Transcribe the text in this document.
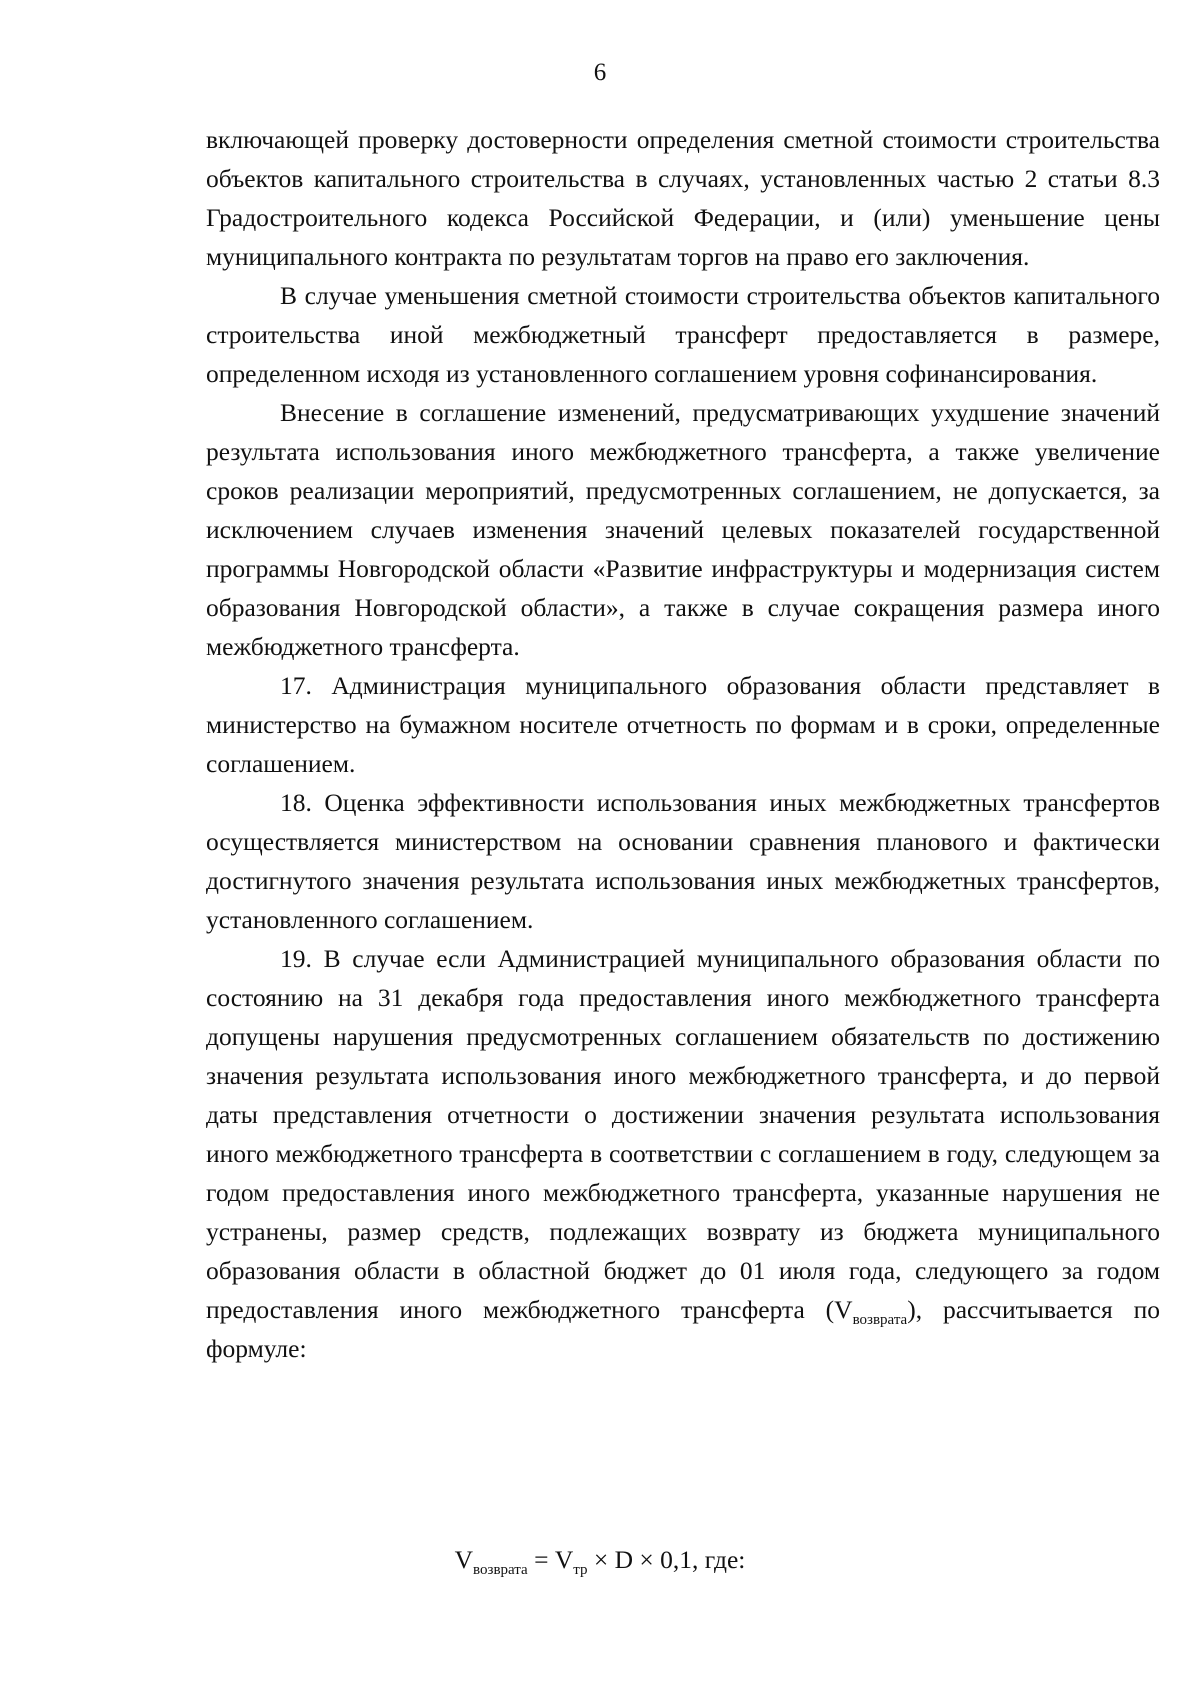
6

включающей проверку достоверности определения сметной стоимости строительства объектов капитального строительства в случаях, установленных частью 2 статьи 8.3 Градостроительного кодекса Российской Федерации, и (или) уменьшение цены муниципального контракта по результатам торгов на право его заключения.

В случае уменьшения сметной стоимости строительства объектов капитального строительства иной межбюджетный трансферт предоставляется в размере, определенном исходя из установленного соглашением уровня софинансирования.

Внесение в соглашение изменений, предусматривающих ухудшение значений результата использования иного межбюджетного трансферта, а также увеличение сроков реализации мероприятий, предусмотренных соглашением, не допускается, за исключением случаев изменения значений целевых показателей государственной программы Новгородской области «Развитие инфраструктуры и модернизация систем образования Новгородской области», а также в случае сокращения размера иного межбюджетного трансферта.

17. Администрация муниципального образования области представляет в министерство на бумажном носителе отчетность по формам и в сроки, определенные соглашением.

18. Оценка эффективности использования иных межбюджетных трансфертов осуществляется министерством на основании сравнения планового и фактически достигнутого значения результата использования иных межбюджетных трансфертов, установленного соглашением.

19. В случае если Администрацией муниципального образования области по состоянию на 31 декабря года предоставления иного межбюджетного трансферта допущены нарушения предусмотренных соглашением обязательств по достижению значения результата использования иного межбюджетного трансферта, и до первой даты представления отчетности о достижении значения результата использования иного межбюджетного трансферта в соответствии с соглашением в году, следующем за годом предоставления иного межбюджетного трансферта, указанные нарушения не устранены, размер средств, подлежащих возврату из бюджета муниципального образования области в областной бюджет до 01 июля года, следующего за годом предоставления иного межбюджетного трансферта $(V_{возврата})$, рассчитывается по формуле:

$V_{возврата} = V_{тр} \times D \times 0,1$, где:
